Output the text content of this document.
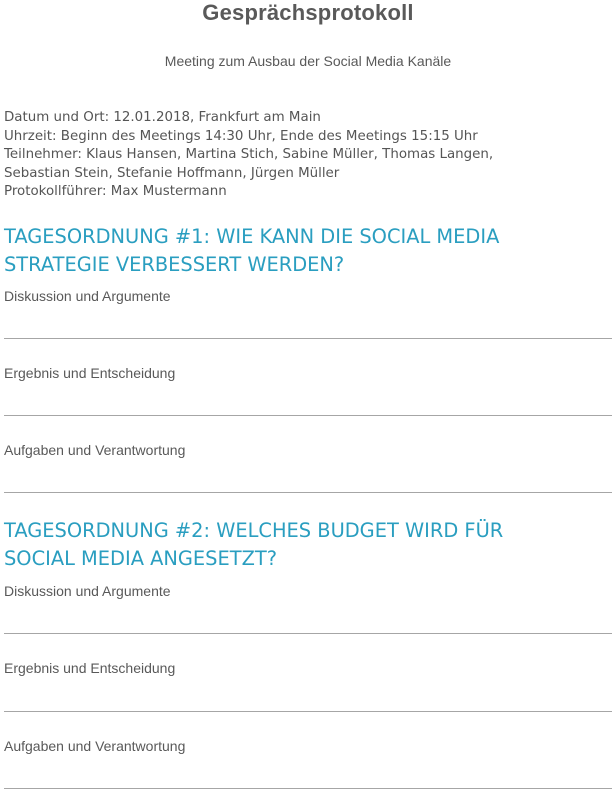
Gesprächsprotokoll
Meeting zum Ausbau der Social Media Kanäle
Datum und Ort: 12.01.2018, Frankfurt am Main
Uhrzeit: Beginn des Meetings 14:30 Uhr, Ende des Meetings 15:15 Uhr
Teilnehmer: Klaus Hansen, Martina Stich, Sabine Müller, Thomas Langen,
Sebastian Stein, Stefanie Hoffmann, Jürgen Müller
Protokollführer: Max Mustermann
TAGESORDNUNG #1: WIE KANN DIE SOCIAL MEDIA
STRATEGIE VERBESSERT WERDEN?
Diskussion und Argumente
Ergebnis und Entscheidung
Aufgaben und Verantwortung
TAGESORDNUNG #2: WELCHES BUDGET WIRD FÜR
SOCIAL MEDIA ANGESETZT?
Diskussion und Argumente
Ergebnis und Entscheidung
Aufgaben und Verantwortung
